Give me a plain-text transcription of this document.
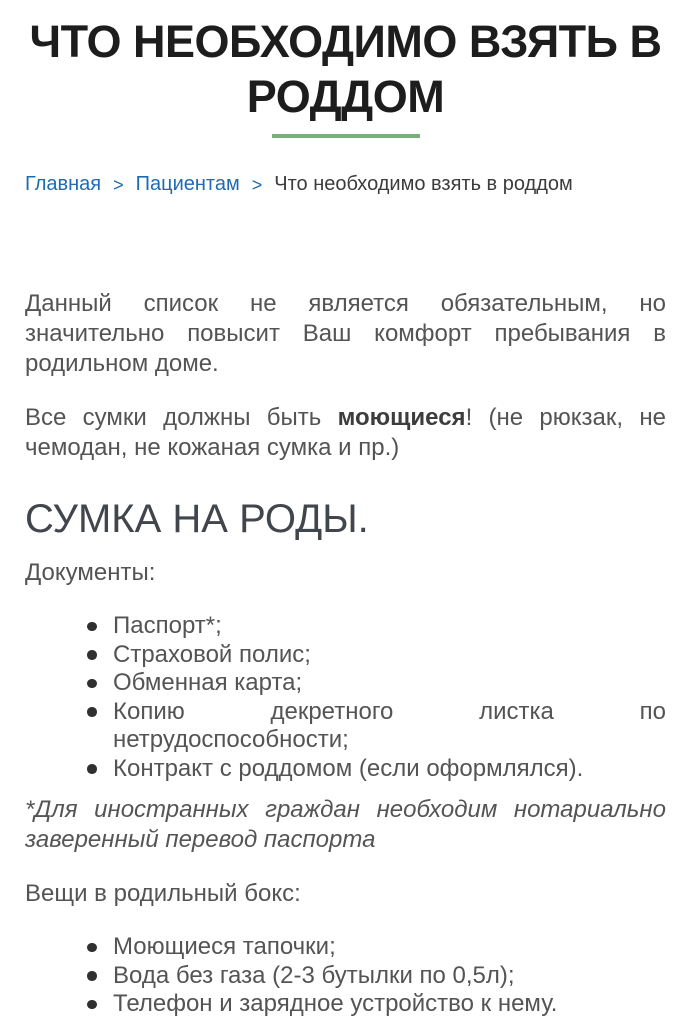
ЧТО НЕОБХОДИМО ВЗЯТЬ В
РОДДОМ
Главная > Пациентам > Что необходимо взять в роддом

Данный список не является обязательным, но
значительно повысит Ваш комфорт пребывания в
родильном доме.

Все сумки должны быть моющиеся! (не рюкзак, не
чемодан, не кожаная сумка и пр.)

СУМКА НА РОДЫ.

Документы:

Паспорт*;
Страховой полис;
Обменная карта;
Копию	декретного	листка	по
нетрудоспособности;
Контракт с роддомом (если оформлялся).

*Для иностранных граждан необходим нотариально
заверенный перевод паспорта

Вещи в родильный бокс:

Моющиеся тапочки;
Вода без газа (2-3 бутылки по 0,5л);
Телефон и зарядное устройство к нему.
